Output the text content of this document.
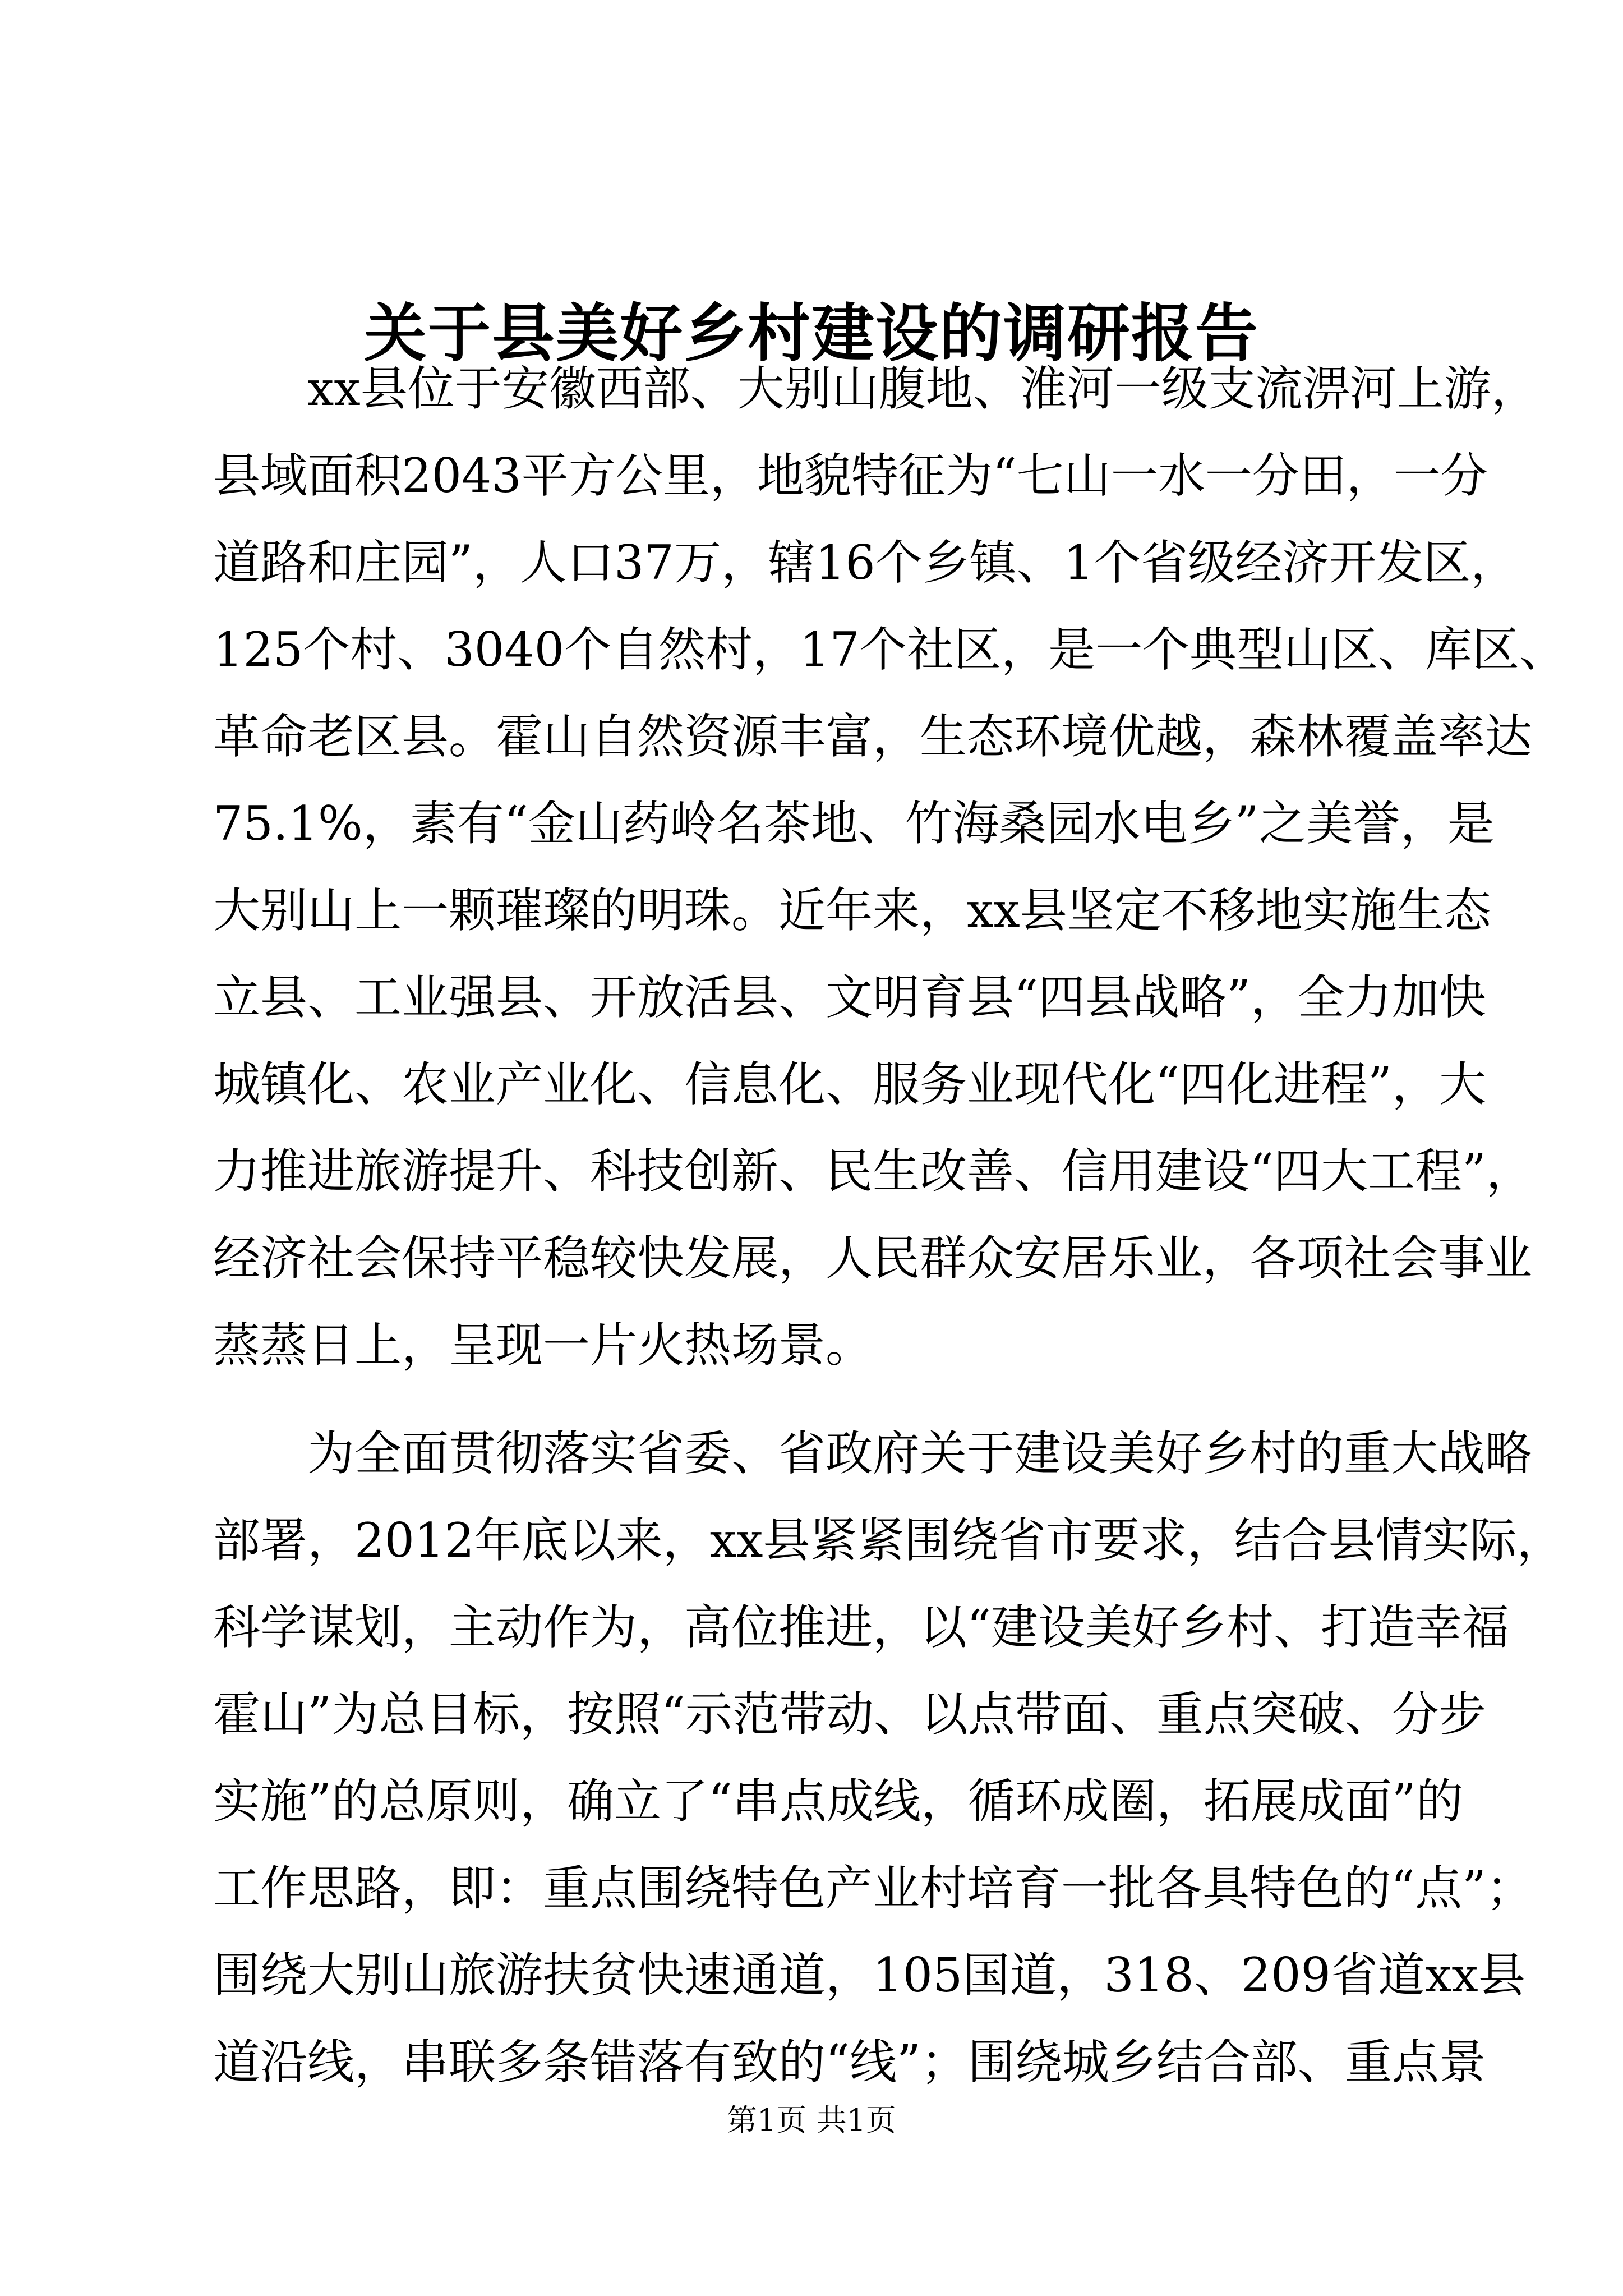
关于县美好乡村建设的调研报告
xx县位于安徽西部、大别山腹地、淮河一级支流淠河上游，
县域面积2043平方公里，地貌特征为“七山一水一分田，一分
道路和庄园”，人口37万，辖16个乡镇、1个省级经济开发区，
125个村、3040个自然村，17个社区，是一个典型山区、库区、
革命老区县。霍山自然资源丰富，生态环境优越，森林覆盖率达
75.1%，素有“金山药岭名茶地、竹海桑园水电乡”之美誉，是
大别山上一颗璀璨的明珠。近年来，xx县坚定不移地实施生态
立县、工业强县、开放活县、文明育县“四县战略”，全力加快
城镇化、农业产业化、信息化、服务业现代化“四化进程”，大
力推进旅游提升、科技创新、民生改善、信用建设“四大工程”，
经济社会保持平稳较快发展，人民群众安居乐业，各项社会事业
蒸蒸日上，呈现一片火热场景。
为全面贯彻落实省委、省政府关于建设美好乡村的重大战略
部署，2012年底以来，xx县紧紧围绕省市要求，结合县情实际，
科学谋划，主动作为，高位推进，以“建设美好乡村、打造幸福
霍山”为总目标，按照“示范带动、以点带面、重点突破、分步
实施”的总原则，确立了“串点成线，循环成圈，拓展成面”的
工作思路，即：重点围绕特色产业村培育一批各具特色的“点”；
围绕大别山旅游扶贫快速通道，105国道，318、209省道xx县
道沿线，串联多条错落有致的“线”；围绕城乡结合部、重点景
第1页 共1页
